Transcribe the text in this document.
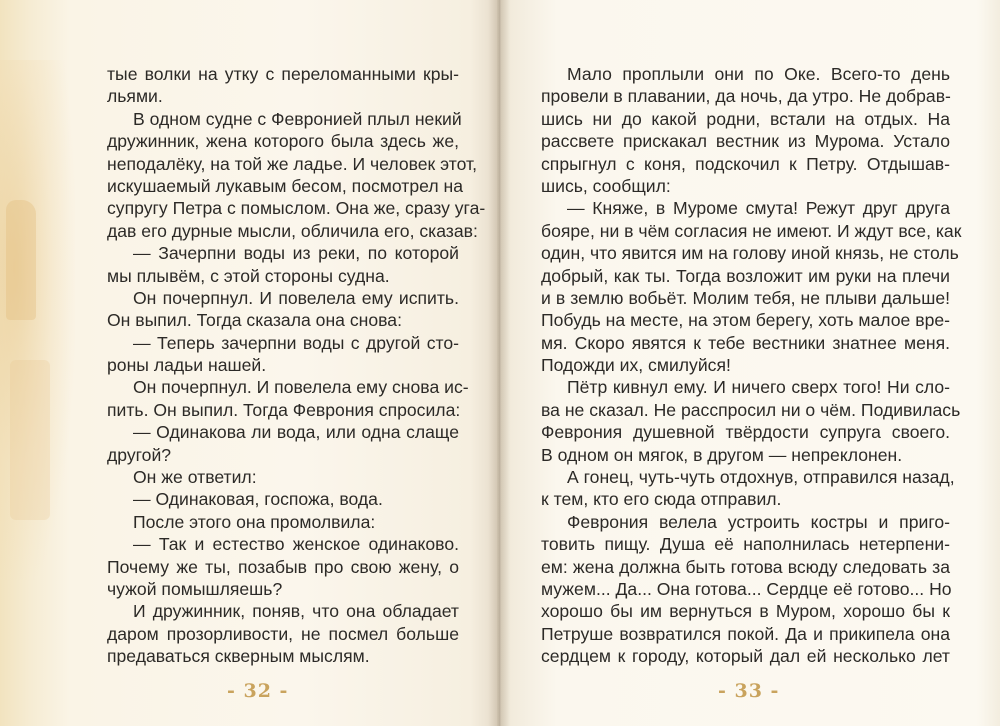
тые волки на утку с переломанными кры-
льями.
В одном судне с Февронией плыл некий
дружинник, жена которого была здесь же,
неподалёку, на той же ладье. И человек этот,
искушаемый лукавым бесом, посмотрел на
супругу Петра с помыслом. Она же, сразу уга-
дав его дурные мысли, обличила его, сказав:
— Зачерпни воды из реки, по которой
мы плывём, с этой стороны судна.
Он почерпнул. И повелела ему испить.
Он выпил. Тогда сказала она снова:
— Теперь зачерпни воды с другой сто-
роны ладьи нашей.
Он почерпнул. И повелела ему снова ис-
пить. Он выпил. Тогда Феврония спросила:
— Одинакова ли вода, или одна слаще
другой?
Он же ответил:
— Одинаковая, госпожа, вода.
После этого она промолвила:
— Так и естество женское одинаково.
Почему же ты, позабыв про свою жену, о
чужой помышляешь?
И дружинник, поняв, что она обладает
даром прозорливости, не посмел больше
предаваться скверным мыслям.
- 32 -
Мало проплыли они по Оке. Всего-то день
провели в плавании, да ночь, да утро. Не добрав-
шись ни до какой родни, встали на отдых. На
рассвете прискакал вестник из Мурома. Устало
спрыгнул с коня, подскочил к Петру. Отдышав-
шись, сообщил:
— Княже, в Муроме смута! Режут друг друга
бояре, ни в чём согласия не имеют. И ждут все, как
один, что явится им на голову иной князь, не столь
добрый, как ты. Тогда возложит им руки на плечи
и в землю вобьёт. Молим тебя, не плыви дальше!
Побудь на месте, на этом берегу, хоть малое вре-
мя. Скоро явятся к тебе вестники знатнее меня.
Подожди их, смилуйся!
Пётр кивнул ему. И ничего сверх того! Ни сло-
ва не сказал. Не расспросил ни о чём. Подивилась
Феврония душевной твёрдости супруга своего.
В одном он мягок, в другом — непреклонен.
А гонец, чуть-чуть отдохнув, отправился назад,
к тем, кто его сюда отправил.
Феврония велела устроить костры и приго-
товить пищу. Душа её наполнилась нетерпени-
ем: жена должна быть готова всюду следовать за
мужем... Да... Она готова... Сердце её готово... Но
хорошо бы им вернуться в Муром, хорошо бы к
Петруше возвратился покой. Да и прикипела она
сердцем к городу, который дал ей несколько лет
- 33 -
